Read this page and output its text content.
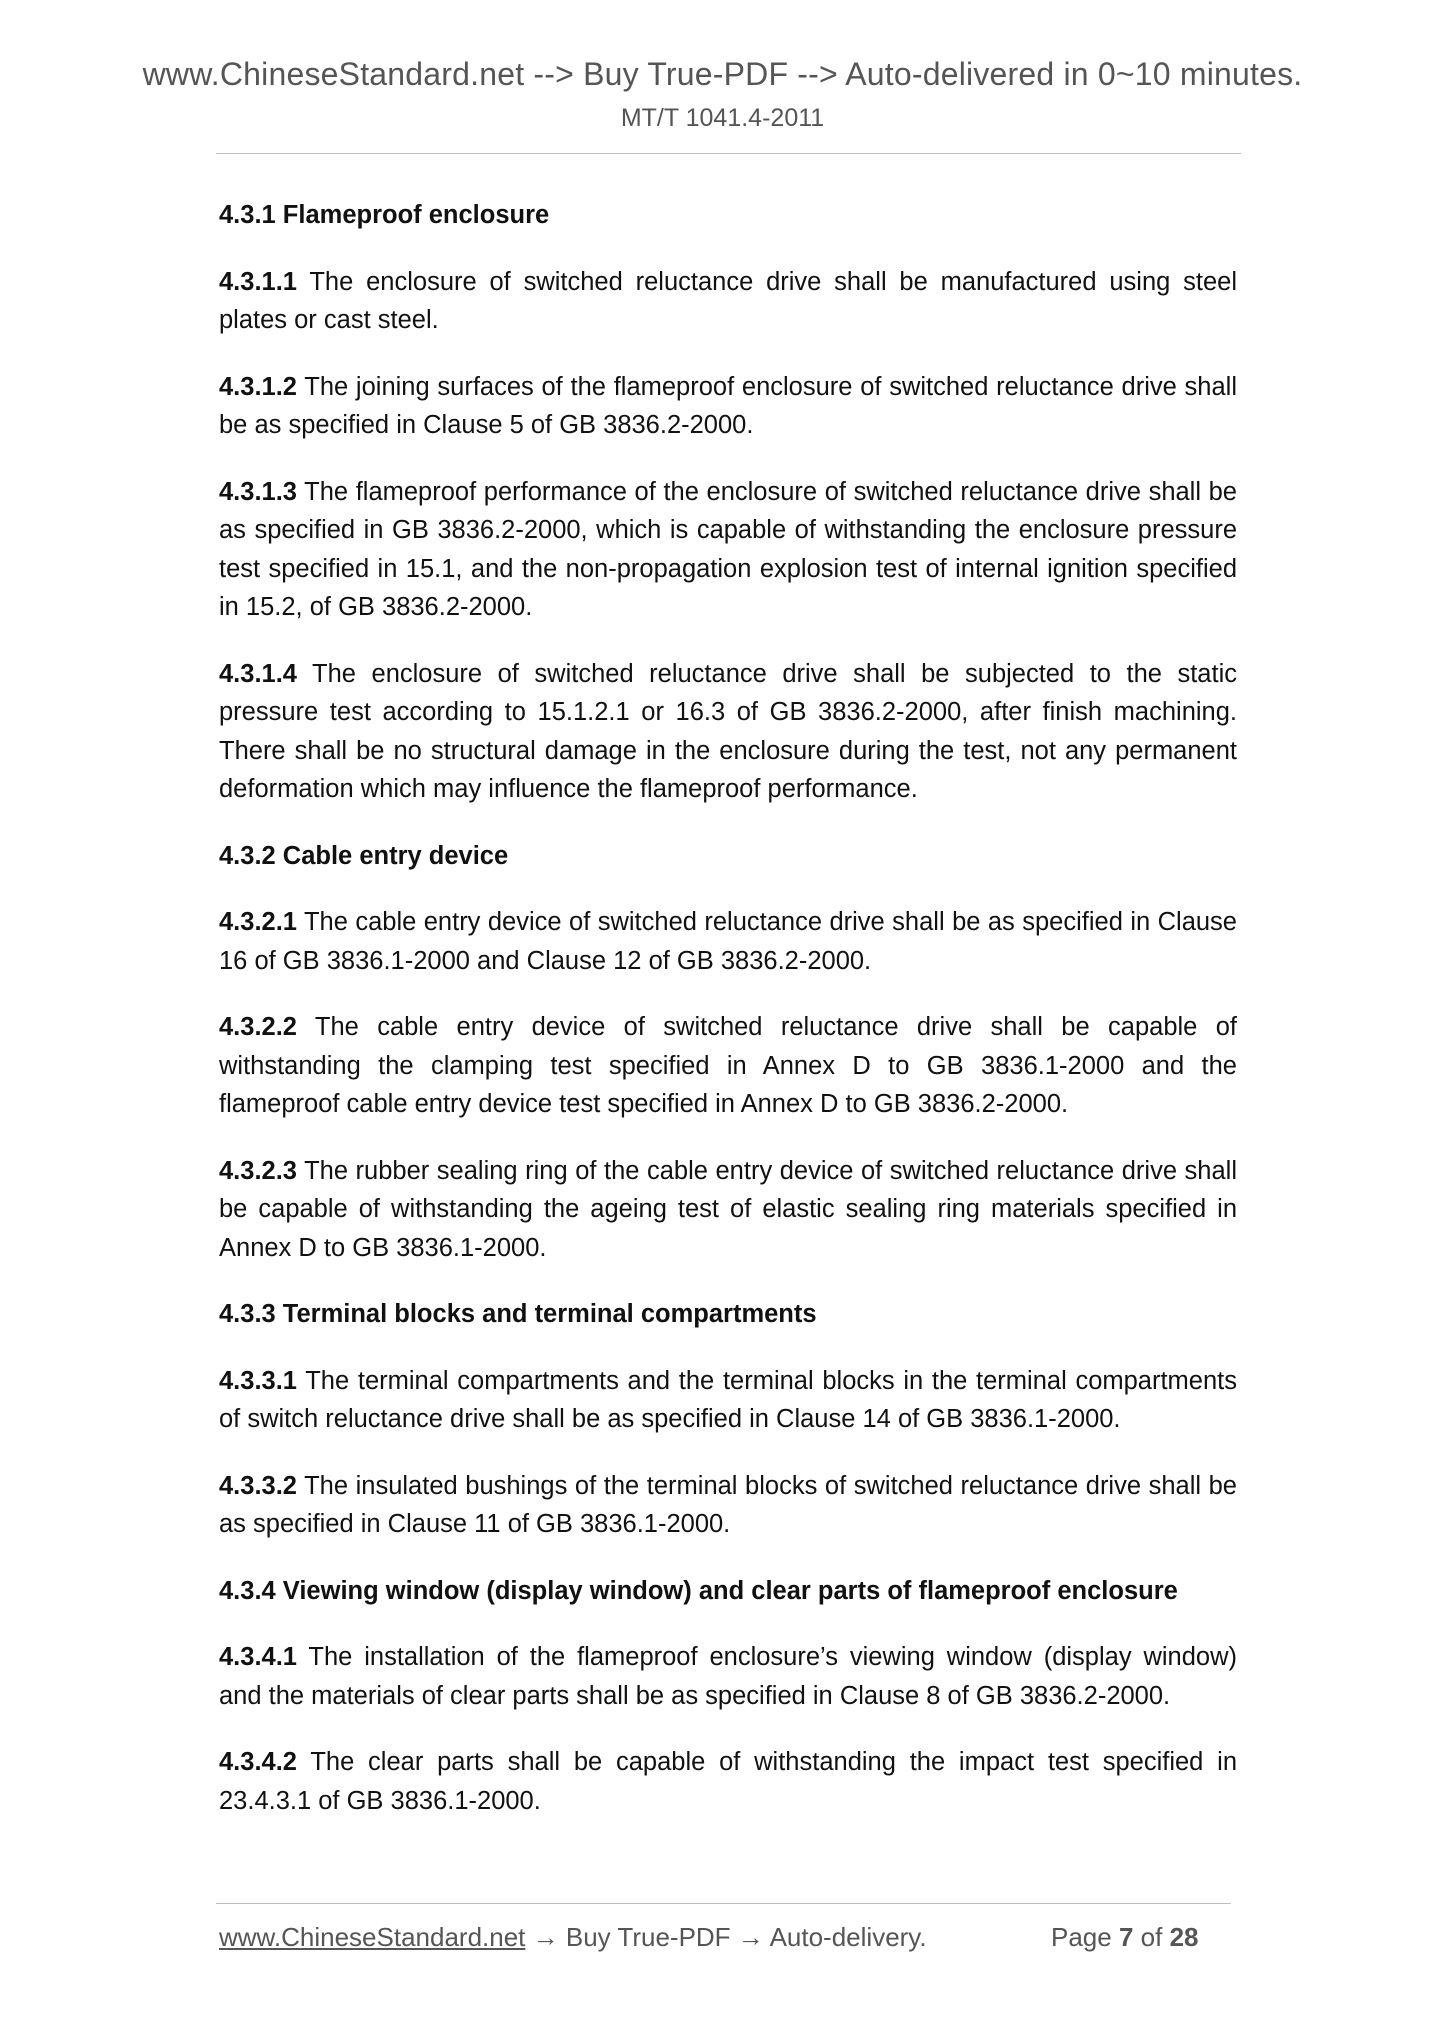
www.ChineseStandard.net --> Buy True-PDF --> Auto-delivered in 0~10 minutes.
MT/T 1041.4-2011

4.3.1 Flameproof enclosure

4.3.1.1 The enclosure of switched reluctance drive shall be manufactured using steel plates or cast steel.

4.3.1.2 The joining surfaces of the flameproof enclosure of switched reluctance drive shall be as specified in Clause 5 of GB 3836.2-2000.

4.3.1.3 The flameproof performance of the enclosure of switched reluctance drive shall be as specified in GB 3836.2-2000, which is capable of withstanding the enclosure pressure test specified in 15.1, and the non-propagation explosion test of internal ignition specified in 15.2, of GB 3836.2-2000.

4.3.1.4 The enclosure of switched reluctance drive shall be subjected to the static pressure test according to 15.1.2.1 or 16.3 of GB 3836.2-2000, after finish machining. There shall be no structural damage in the enclosure during the test, not any permanent deformation which may influence the flameproof performance.

4.3.2 Cable entry device

4.3.2.1 The cable entry device of switched reluctance drive shall be as specified in Clause 16 of GB 3836.1-2000 and Clause 12 of GB 3836.2-2000.

4.3.2.2 The cable entry device of switched reluctance drive shall be capable of withstanding the clamping test specified in Annex D to GB 3836.1-2000 and the flameproof cable entry device test specified in Annex D to GB 3836.2-2000.

4.3.2.3 The rubber sealing ring of the cable entry device of switched reluctance drive shall be capable of withstanding the ageing test of elastic sealing ring materials specified in Annex D to GB 3836.1-2000.

4.3.3 Terminal blocks and terminal compartments

4.3.3.1 The terminal compartments and the terminal blocks in the terminal compartments of switch reluctance drive shall be as specified in Clause 14 of GB 3836.1-2000.

4.3.3.2 The insulated bushings of the terminal blocks of switched reluctance drive shall be as specified in Clause 11 of GB 3836.1-2000.

4.3.4 Viewing window (display window) and clear parts of flameproof enclosure

4.3.4.1 The installation of the flameproof enclosure’s viewing window (display window) and the materials of clear parts shall be as specified in Clause 8 of GB 3836.2-2000.

4.3.4.2 The clear parts shall be capable of withstanding the impact test specified in 23.4.3.1 of GB 3836.1-2000.

www.ChineseStandard.net → Buy True-PDF → Auto-delivery.	Page 7 of 28
